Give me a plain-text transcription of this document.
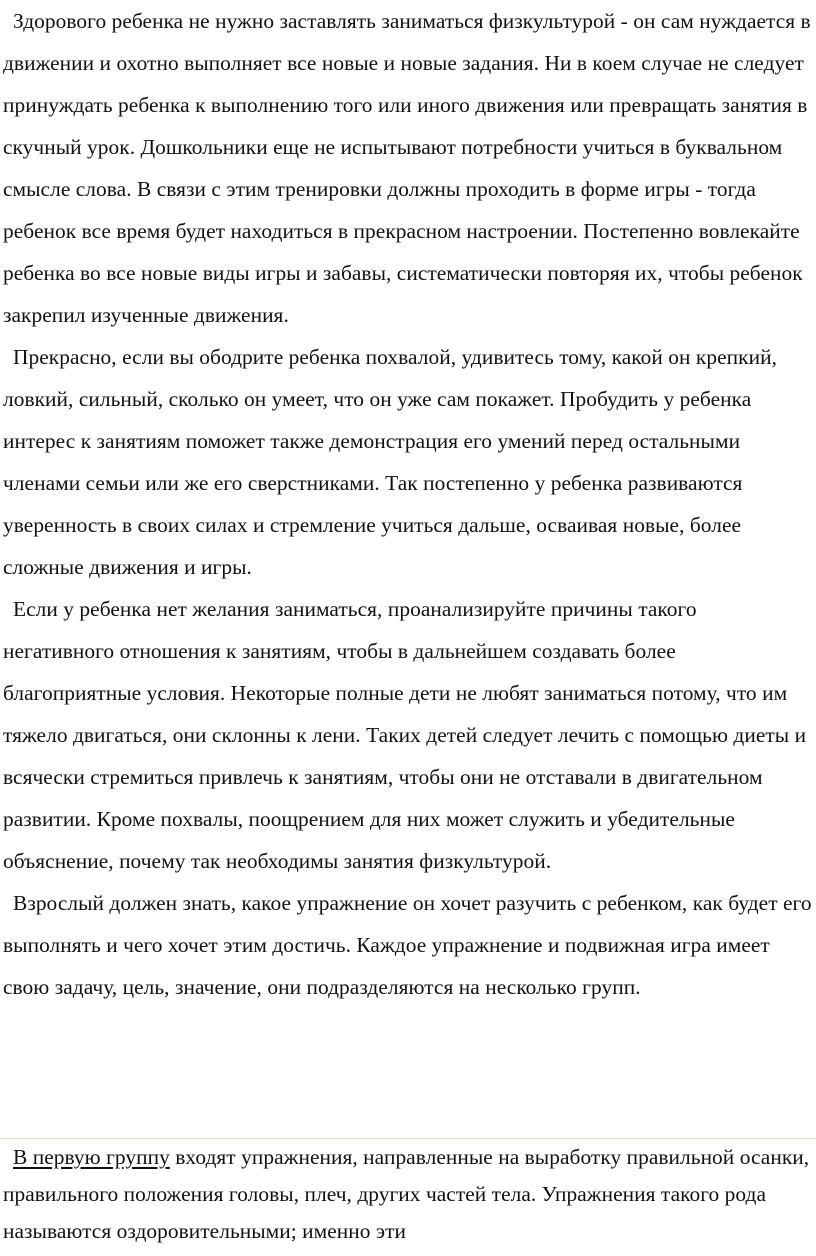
Здорового ребенка не нужно заставлять заниматься физкультурой - он сам нуждается в движении и охотно выполняет все новые и новые задания. Ни в коем случае не следует принуждать ребенка к выполнению того или иного движения или превращать занятия в скучный урок. Дошкольники еще не испытывают потребности учиться в буквальном смысле слова. В связи с этим тренировки должны проходить в форме игры - тогда ребенок все время будет находиться в прекрасном настроении. Постепенно вовлекайте ребенка во все новые виды игры и забавы, систематически повторяя их, чтобы ребенок закрепил изученные движения.

Прекрасно, если вы ободрите ребенка похвалой, удивитесь тому, какой он крепкий, ловкий, сильный, сколько он умеет, что он уже сам покажет. Пробудить у ребенка интерес к занятиям поможет также демонстрация его умений перед остальными членами семьи или же его сверстниками. Так постепенно у ребенка развиваются уверенность в своих силах и стремление учиться дальше, осваивая новые, более сложные движения и игры.

Если у ребенка нет желания заниматься, проанализируйте причины такого негативного отношения к занятиям, чтобы в дальнейшем создавать более благоприятные условия. Некоторые полные дети не любят заниматься потому, что им тяжело двигаться, они склонны к лени. Таких детей следует лечить с помощью диеты и всячески стремиться привлечь к занятиям, чтобы они не отставали в двигательном развитии. Кроме похвалы, поощрением для них может служить и убедительные объяснение, почему так необходимы занятия физкультурой.

Взрослый должен знать, какое упражнение он хочет разучить с ребенком, как будет его выполнять и чего хочет этим достичь. Каждое упражнение и подвижная игра имеет свою задачу, цель, значение, они подразделяются на несколько групп.

В первую группу входят упражнения, направленные на выработку правильной осанки, правильного положения головы, плеч, других частей тела. Упражнения такого рода называются оздоровительными; именно эти
